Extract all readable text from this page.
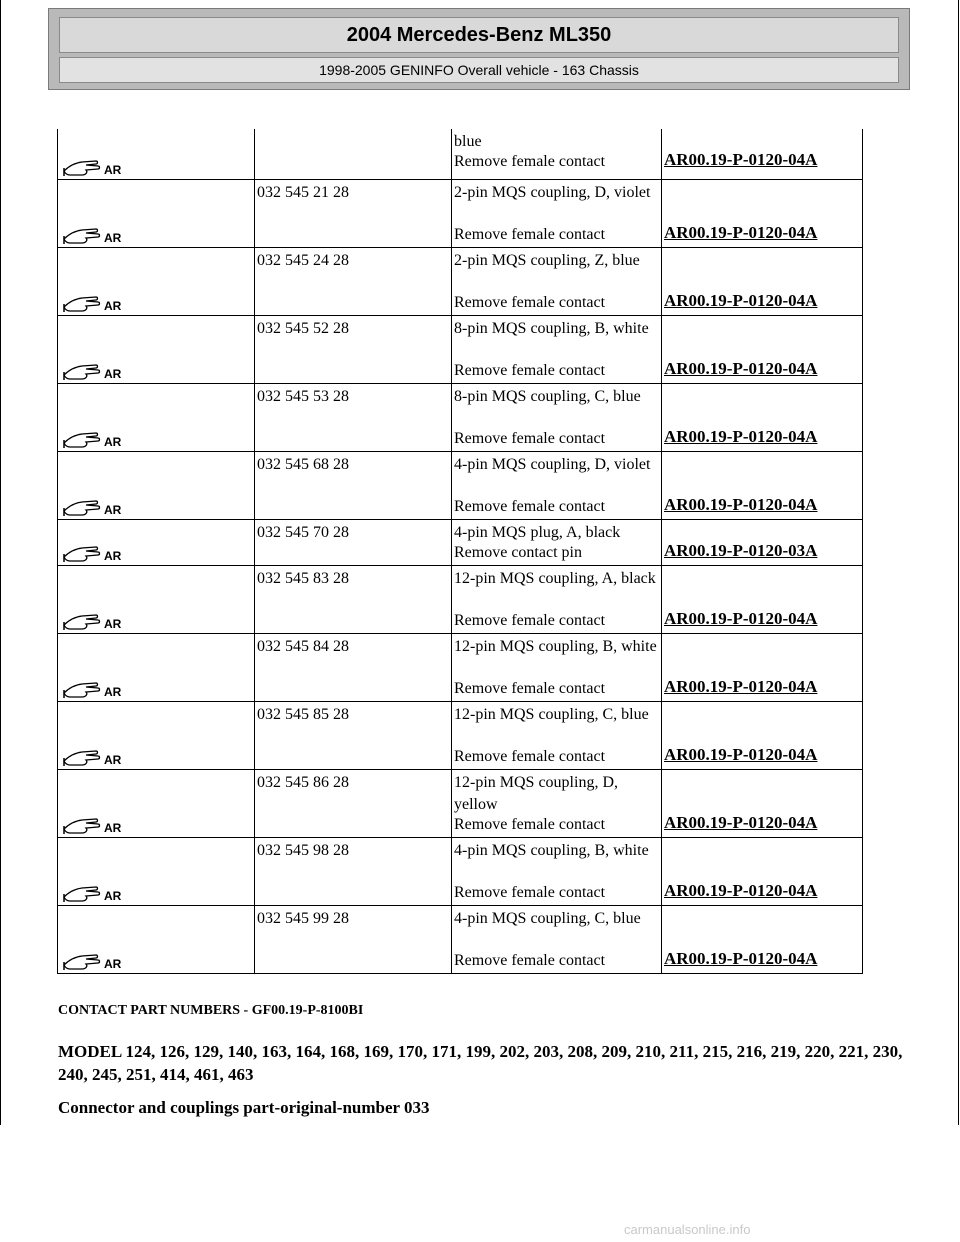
2004 Mercedes-Benz ML350
1998-2005 GENINFO Overall vehicle - 163 Chassis
AR		blue
Remove female contact	AR00.19-P-0120-04A

AR	032 545 21 28	2-pin MQS coupling, D, violet
Remove female contact	AR00.19-P-0120-04A

AR	032 545 24 28	2-pin MQS coupling, Z, blue
Remove female contact	AR00.19-P-0120-04A

AR	032 545 52 28	8-pin MQS coupling, B, white
Remove female contact	AR00.19-P-0120-04A

AR	032 545 53 28	8-pin MQS coupling, C, blue
Remove female contact	AR00.19-P-0120-04A

AR	032 545 68 28	4-pin MQS coupling, D, violet
Remove female contact	AR00.19-P-0120-04A

AR	032 545 70 28	4-pin MQS plug, A, black
Remove contact pin	AR00.19-P-0120-03A

AR	032 545 83 28	12-pin MQS coupling, A, black
Remove female contact	AR00.19-P-0120-04A

AR	032 545 84 28	12-pin MQS coupling, B, white
Remove female contact	AR00.19-P-0120-04A

AR	032 545 85 28	12-pin MQS coupling, C, blue
Remove female contact	AR00.19-P-0120-04A

AR	032 545 86 28	12-pin MQS coupling, D, yellow
Remove female contact	AR00.19-P-0120-04A

AR	032 545 98 28	4-pin MQS coupling, B, white
Remove female contact	AR00.19-P-0120-04A

AR	032 545 99 28	4-pin MQS coupling, C, blue
Remove female contact	AR00.19-P-0120-04A
CONTACT PART NUMBERS - GF00.19-P-8100BI
MODEL 124, 126, 129, 140, 163, 164, 168, 169, 170, 171, 199, 202, 203, 208, 209, 210, 211, 215, 216, 219, 220, 221, 230, 240, 245, 251, 414, 461, 463
Connector and couplings part-original-number 033
carmanualsonline.info
